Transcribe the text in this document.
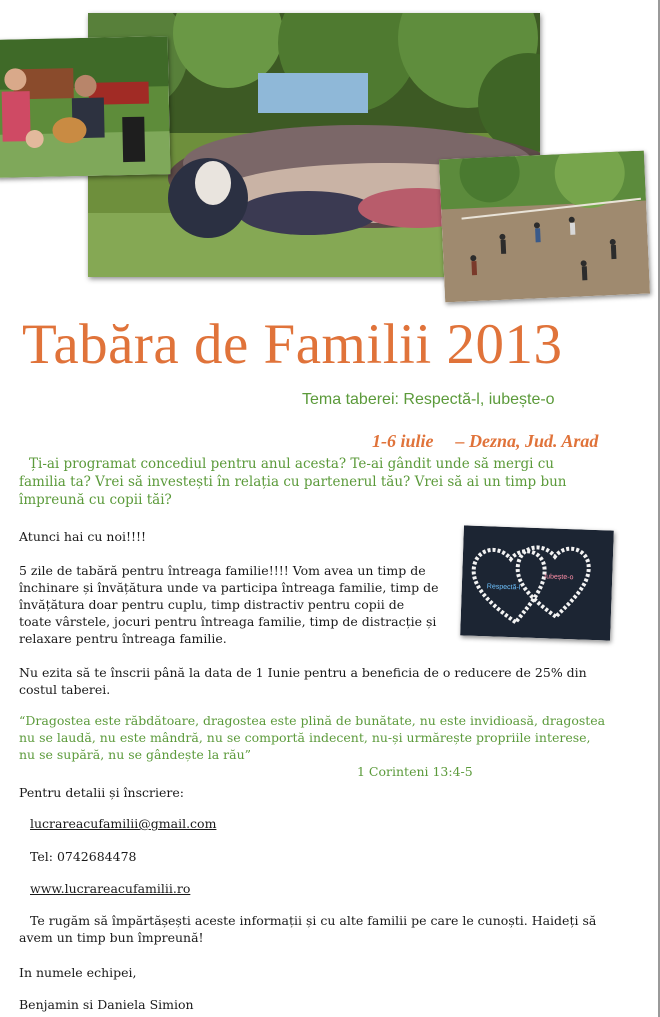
Respectă-l
Iubește-o
Tabăra de Familii 2013
Tema taberei: Respectă-l, iubește-o
1-6 iulie – Dezna, Jud. Arad
Ți-ai programat concediul pentru anul acesta? Te-ai gândit unde să mergi cu familia ta? Vrei să investești în relația cu partenerul tău? Vrei să ai un timp bun împreună cu copii tăi?
Atunci hai cu noi!!!!
5 zile de tabără pentru întreaga familie!!!! Vom avea un timp de închinare și învățătura unde va participa întreaga familie, timp de învățătura doar pentru cuplu, timp distractiv pentru copii de toate vârstele, jocuri pentru întreaga familie, timp de distracție și relaxare pentru întreaga familie.
Nu ezita să te înscrii până la data de 1 Iunie pentru a beneficia de o reducere de 25% din costul taberei.
“Dragostea este răbdătoare, dragostea este plină de bunătate, nu este invidioasă, dragostea nu se laudă, nu este mândră, nu se comportă indecent, nu-și urmărește propriile interese, nu se supără, nu se gândește la rău”1 Corinteni 13:4-5
Pentru detalii și înscriere:
lucrareacufamilii@gmail.com
Tel: 0742684478
www.lucrareacufamilii.ro
Te rugăm să împărtășești aceste informații și cu alte familii pe care le cunoști. Haideți să avem un timp bun împreună!
In numele echipei,
Benjamin si Daniela Simion
